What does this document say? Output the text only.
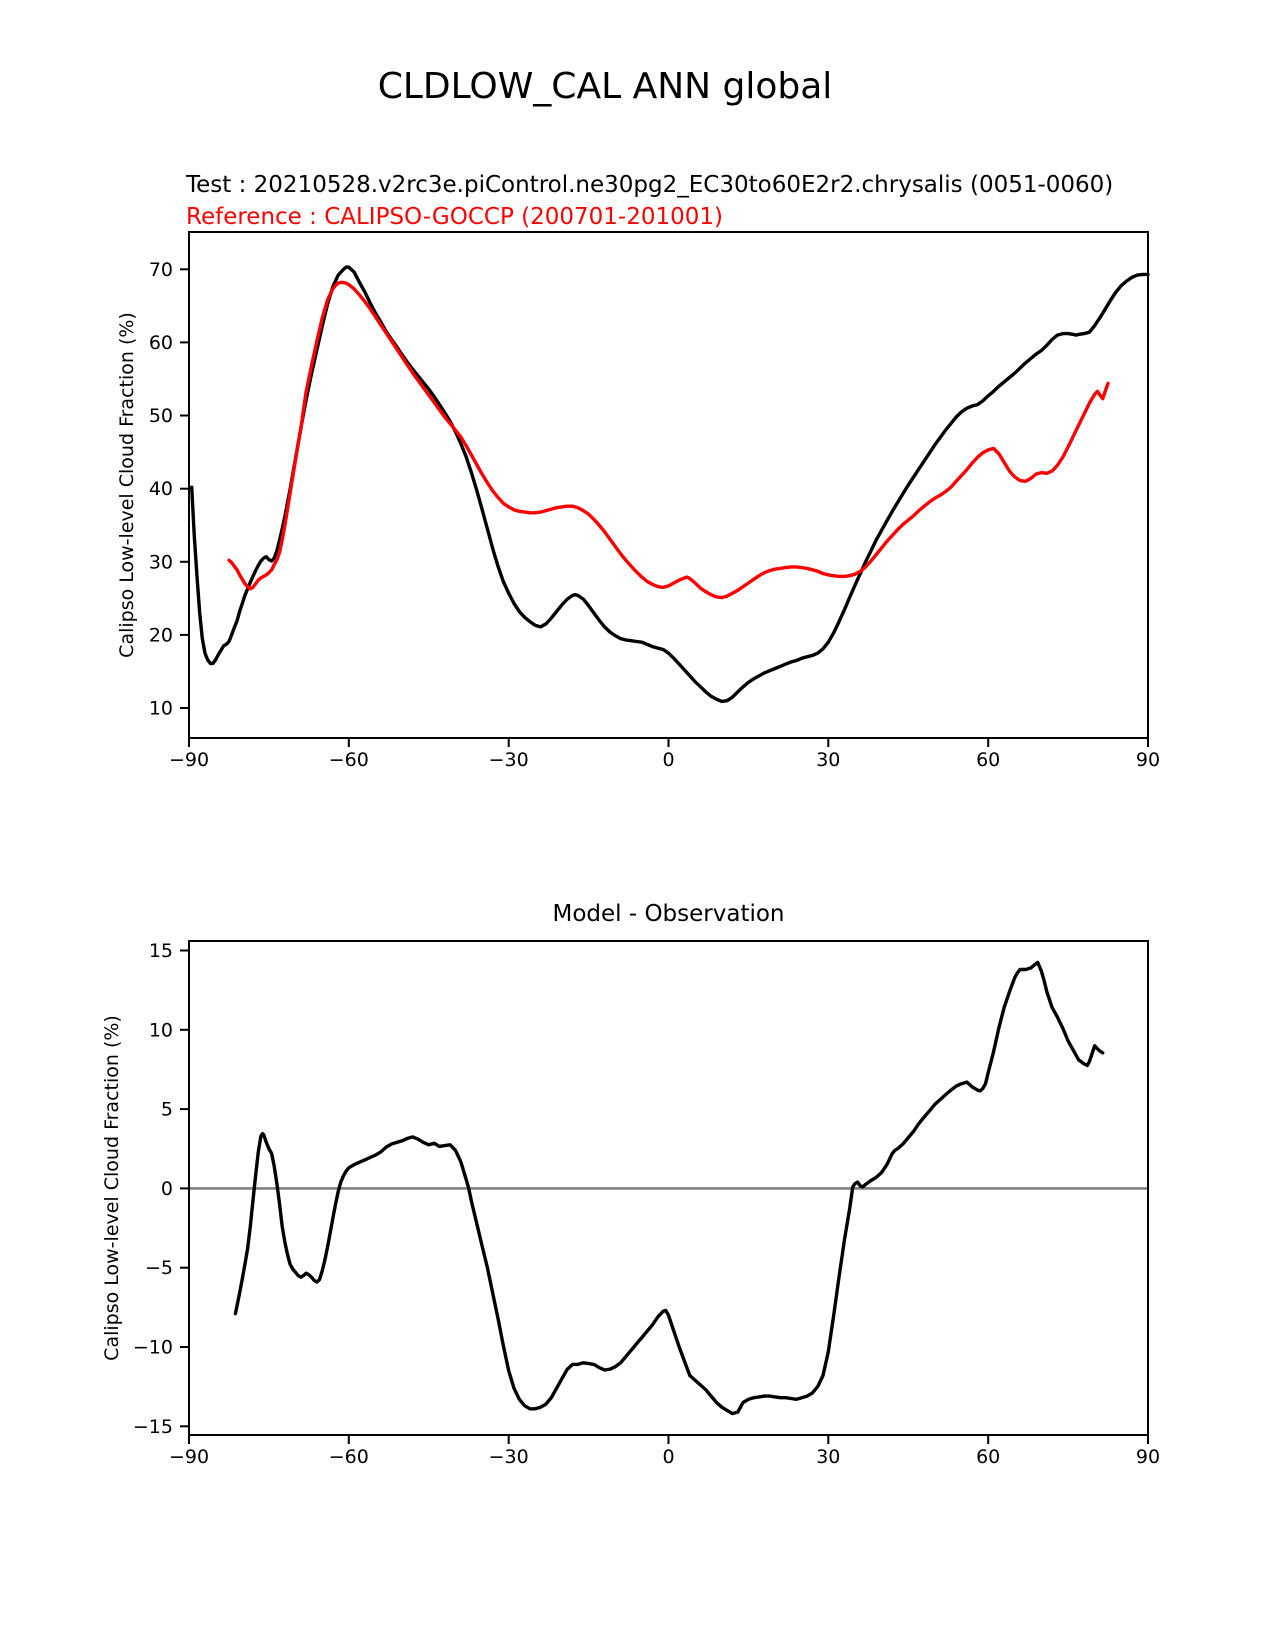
CLDLOW_CAL ANN global
Test : 20210528.v2rc3e.piControl.ne30pg2_EC30to60E2r2.chrysalis (0051-0060)
Reference : CALIPSO-GOCCP (200701-201001)
Calipso Low-level Cloud Fraction (%)
Calipso Low-level Cloud Fraction (%)
Model - Observation
−90	−60	−30	0	30	60	90
10
20
30
40
50
60
70
−90	−60	−30	0	30	60	90
−15
−10
−5
0
5
10
15
